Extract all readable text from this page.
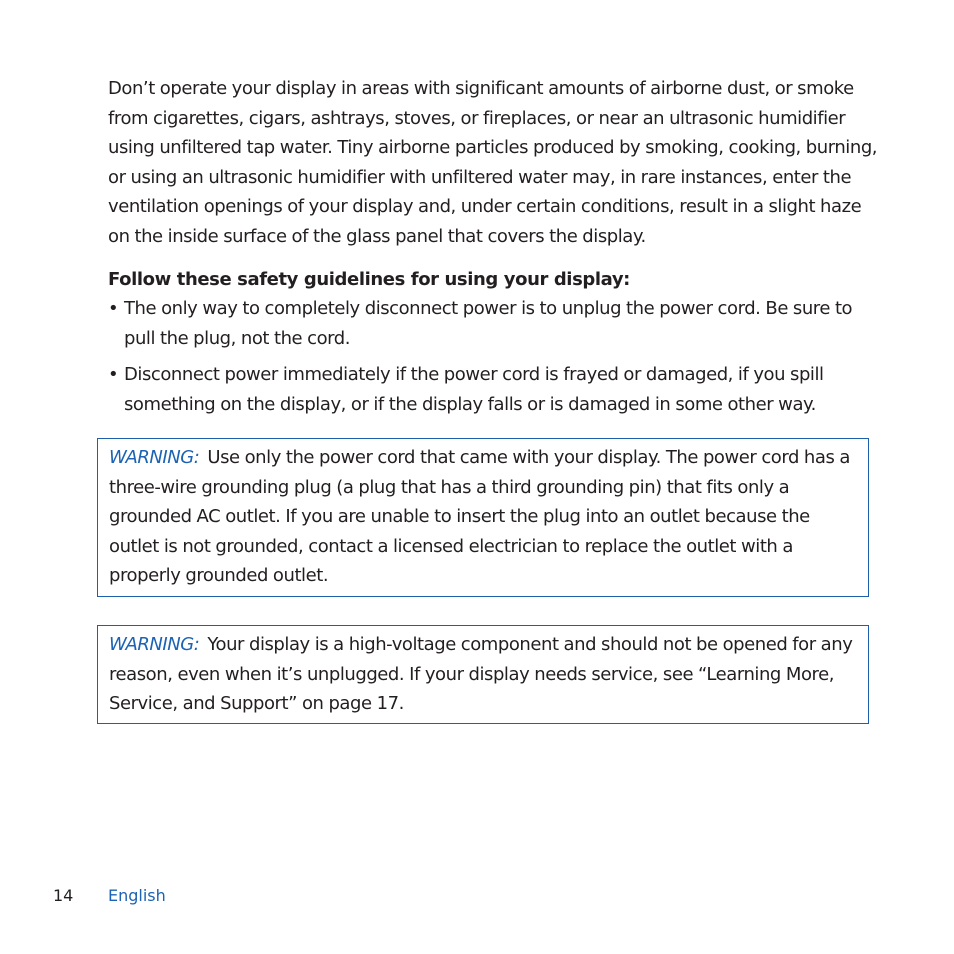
Don’t operate your display in areas with significant amounts of airborne dust, or smoke from cigarettes, cigars, ashtrays, stoves, or fireplaces, or near an ultrasonic humidifier using unfiltered tap water. Tiny airborne particles produced by smoking, cooking, burning, or using an ultrasonic humidifier with unfiltered water may, in rare instances, enter the ventilation openings of your display and, under certain conditions, result in a slight haze on the inside surface of the glass panel that covers the display.

Follow these safety guidelines for using your display:

• The only way to completely disconnect power is to unplug the power cord. Be sure to pull the plug, not the cord.
• Disconnect power immediately if the power cord is frayed or damaged, if you spill something on the display, or if the display falls or is damaged in some other way.

WARNING: Use only the power cord that came with your display. The power cord has a three-wire grounding plug (a plug that has a third grounding pin) that fits only a grounded AC outlet. If you are unable to insert the plug into an outlet because the outlet is not grounded, contact a licensed electrician to replace the outlet with a properly grounded outlet.

WARNING: Your display is a high-voltage component and should not be opened for any reason, even when it’s unplugged. If your display needs service, see “Learning More, Service, and Support” on page 17.

14 English
